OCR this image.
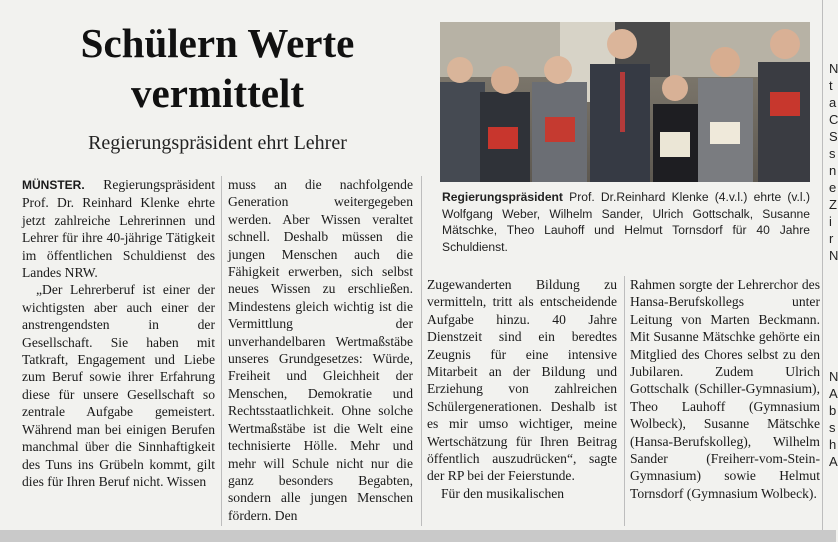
Schülern Werte vermittelt
Regierungspräsident ehrt Lehrer
Regierungspräsident Prof. Dr.Reinhard Klenke (4.v.l.) ehrte (v.l.) Wolfgang Weber, Wilhelm Sander, Ulrich Gottschalk, Susanne Mätschke, Theo Lauhoff und Helmut Tornsdorf für 40 Jahre Schuldienst.

MÜNSTER. Regierungspräsident Prof. Dr. Reinhard Klenke ehrte jetzt zahlreiche Lehrerinnen und Lehrer für ihre 40-jährige Tätigkeit im öffentlichen Schuldienst des Landes NRW.

„Der Lehrerberuf ist einer der wichtigsten aber auch einer der anstrengendsten in der Gesellschaft. Sie haben mit Tatkraft, Engagement und Liebe zum Beruf sowie ihrer Erfahrung diese für unsere Gesellschaft so zentrale Aufgabe gemeistert. Während man bei einigen Berufen manchmal über die Sinnhaftigkeit des Tuns ins Grübeln kommt, gilt dies für Ihren Beruf nicht. Wissen

muss an die nachfolgende Generation weitergegeben werden. Aber Wissen veraltet schnell. Deshalb müssen die jungen Menschen auch die Fähigkeit erwerben, sich selbst neues Wissen zu erschließen. Mindestens gleich wichtig ist die Vermittlung der unverhandelbaren Wertmaßstäbe unseres Grundgesetzes: Würde, Freiheit und Gleichheit der Menschen, Demokratie und Rechtsstaatlichkeit. Ohne solche Wertmaßstäbe ist die Welt eine technisierte Hölle. Mehr und mehr will Schule nicht nur die ganz besonders Begabten, sondern alle jungen Menschen fördern. Den

Zugewanderten Bildung zu vermitteln, tritt als entscheidende Aufgabe hinzu. 40 Jahre Dienstzeit sind ein beredtes Zeugnis für eine intensive Mitarbeit an der Bildung und Erziehung von zahlreichen Schülergenerationen. Deshalb ist es mir umso wichtiger, meine Wertschätzung für Ihren Beitrag öffentlich auszudrücken“, sagte der RP bei der Feierstunde.

Für den musikalischen

Rahmen sorgte der Lehrerchor des Hansa-Berufskollegs unter Leitung von Marten Beckmann. Mit Susanne Mätschke gehörte ein Mitglied des Chores selbst zu den Jubilaren. Zudem Ulrich Gottschalk (Schiller-Gymnasium), Theo Lauhoff (Gymnasium Wolbeck), Susanne Mätschke (Hansa-Berufskolleg), Wilhelm Sander (Freiherr-vom-Stein-Gymnasium) sowie Helmut Tornsdorf (Gymnasium Wolbeck).

N
t
a
C
S
s
n
e
Z
i
r
N
N
A
b
s
h
A
